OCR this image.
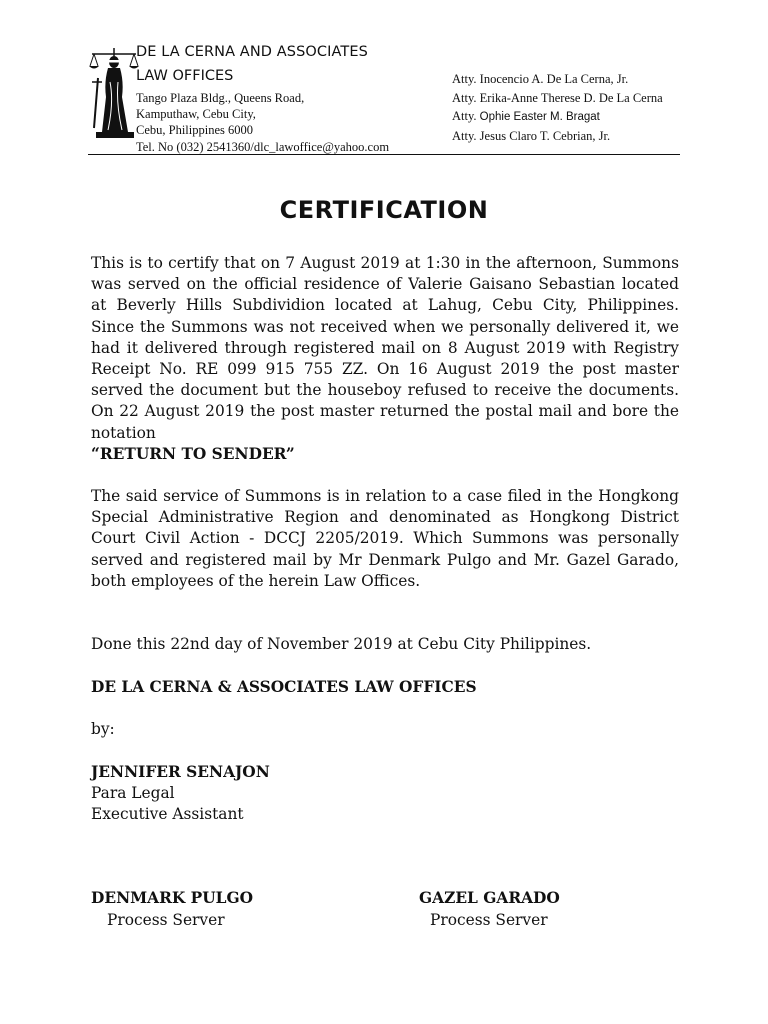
DE LA CERNA AND ASSOCIATES
LAW OFFICES
Tango Plaza Bldg., Queens Road,
Kamputhaw, Cebu City,
Cebu, Philippines 6000
Tel. No (032) 2541360/dlc_lawoffice@yahoo.com
Atty. Inocencio A. De La Cerna, Jr.
Atty. Erika-Anne Therese D. De La Cerna
Atty. Ophie Easter M. Bragat
Atty. Jesus Claro T. Cebrian, Jr.
CERTIFICATION
This is to certify that on 7 August 2019 at 1:30 in the afternoon, Summons was served on the official residence of Valerie Gaisano Sebastian located at Beverly Hills Subdividion located at Lahug, Cebu City, Philippines. Since the Summons was not received when we personally delivered it, we had it delivered through registered mail on 8 August 2019 with Registry Receipt No. RE 099 915 755 ZZ. On 16 August 2019 the post master served the document but the houseboy refused to receive the documents. On 22 August 2019 the post master returned the postal mail and bore the notation
“RETURN TO SENDER”
The said service of Summons is in relation to a case filed in the Hongkong Special Administrative Region and denominated as Hongkong District Court Civil Action - DCCJ 2205/2019. Which Summons was personally served and registered mail by Mr Denmark Pulgo and Mr. Gazel Garado, both employees of the herein Law Offices.
Done this 22nd day of November 2019 at Cebu City Philippines.
DE LA CERNA & ASSOCIATES LAW OFFICES
by:
JENNIFER SENAJON
Para Legal
Executive Assistant
DENMARK PULGO
Process Server
GAZEL GARADO
Process Server
